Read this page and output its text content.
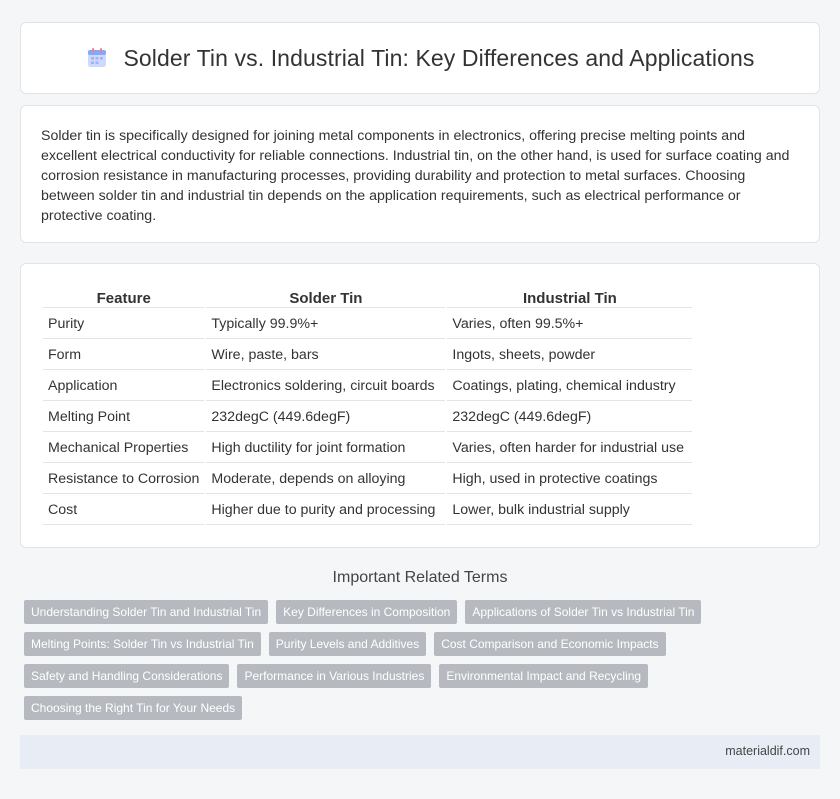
Solder Tin vs. Industrial Tin: Key Differences and Applications

Solder tin is specifically designed for joining metal components in electronics, offering precise melting points and excellent electrical conductivity for reliable connections. Industrial tin, on the other hand, is used for surface coating and corrosion resistance in manufacturing processes, providing durability and protection to metal surfaces. Choosing between solder tin and industrial tin depends on the application requirements, such as electrical performance or protective coating.

Feature	Solder Tin	Industrial Tin
Purity	Typically 99.9%+	Varies, often 99.5%+
Form	Wire, paste, bars	Ingots, sheets, powder
Application	Electronics soldering, circuit boards	Coatings, plating, chemical industry
Melting Point	232degC (449.6degF)	232degC (449.6degF)
Mechanical Properties	High ductility for joint formation	Varies, often harder for industrial use
Resistance to Corrosion	Moderate, depends on alloying	High, used in protective coatings
Cost	Higher due to purity and processing	Lower, bulk industrial supply
Important Related Terms
Understanding Solder Tin and Industrial Tin	Key Differences in Composition	Applications of Solder Tin vs Industrial Tin
Melting Points: Solder Tin vs Industrial Tin	Purity Levels and Additives	Cost Comparison and Economic Impacts
Safety and Handling Considerations	Performance in Various Industries	Environmental Impact and Recycling
Choosing the Right Tin for Your Needs
materialdif.com
